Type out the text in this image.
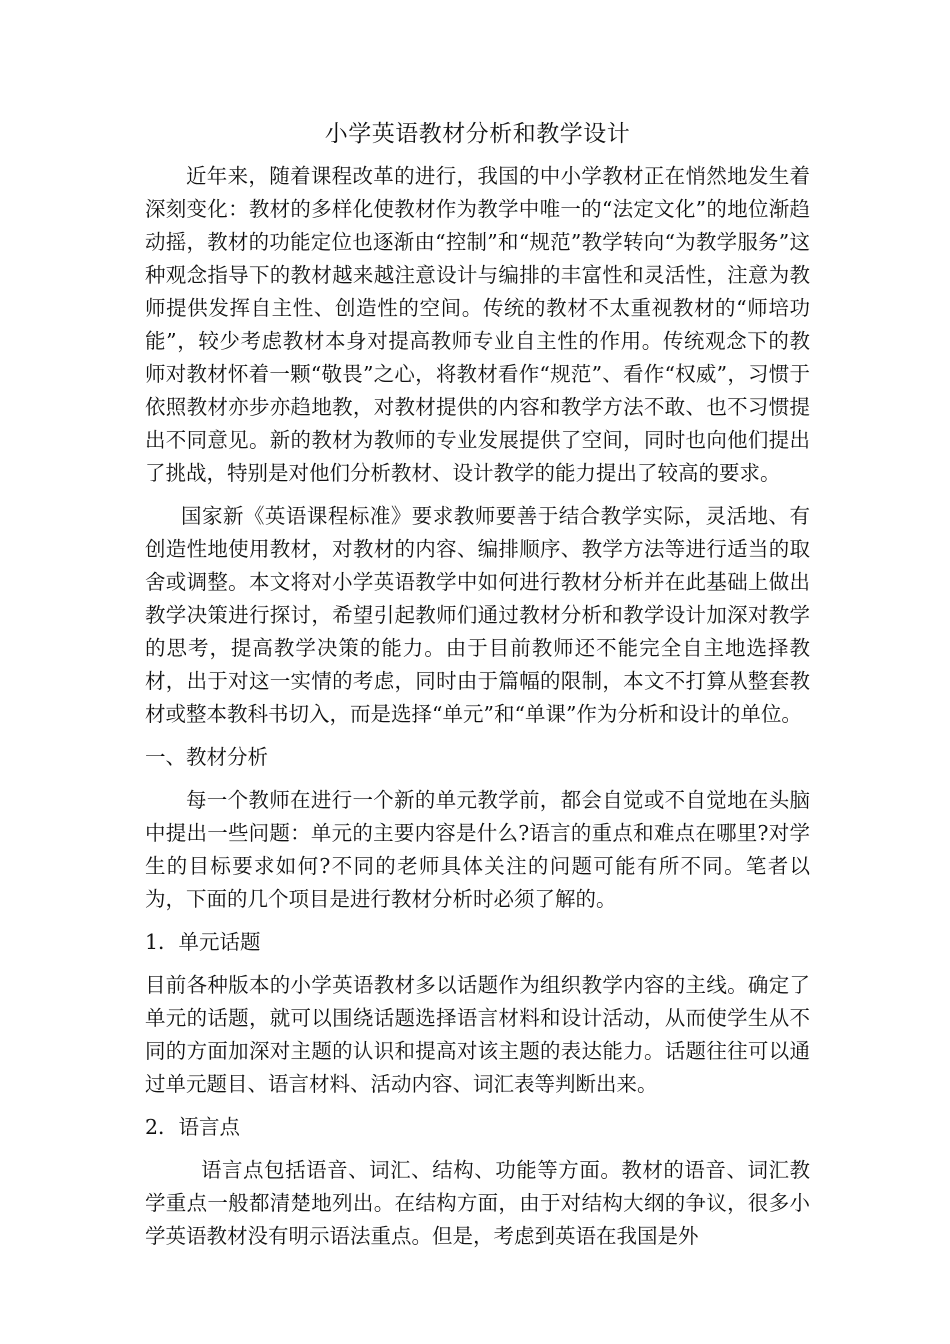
小学英语教材分析和教学设计

近年来，随着课程改革的进行，我国的中小学教材正在悄然地发生着深刻变化：教材的多样化使教材作为教学中唯一的“法定文化”的地位渐趋动摇，教材的功能定位也逐渐由“控制”和“规范”教学转向“为教学服务”这种观念指导下的教材越来越注意设计与编排的丰富性和灵活性，注意为教师提供发挥自主性、创造性的空间。传统的教材不太重视教材的“师培功能”，较少考虑教材本身对提高教师专业自主性的作用。传统观念下的教师对教材怀着一颗“敬畏”之心，将教材看作“规范”、看作“权威”，习惯于依照教材亦步亦趋地教，对教材提供的内容和教学方法不敢、也不习惯提出不同意见。新的教材为教师的专业发展提供了空间，同时也向他们提出了挑战，特别是对他们分析教材、设计教学的能力提出了较高的要求。

国家新《英语课程标准》要求教师要善于结合教学实际，灵活地、有创造性地使用教材，对教材的内容、编排顺序、教学方法等进行适当的取舍或调整。本文将对小学英语教学中如何进行教材分析并在此基础上做出教学决策进行探讨，希望引起教师们通过教材分析和教学设计加深对教学的思考，提高教学决策的能力。由于目前教师还不能完全自主地选择教材，出于对这一实情的考虑，同时由于篇幅的限制，本文不打算从整套教材或整本教科书切入，而是选择“单元”和“单课”作为分析和设计的单位。

一、教材分析

每一个教师在进行一个新的单元教学前，都会自觉或不自觉地在头脑中提出一些问题：单元的主要内容是什么?语言的重点和难点在哪里?对学生的目标要求如何?不同的老师具体关注的问题可能有所不同。笔者以为，下面的几个项目是进行教材分析时必须了解的。

1．单元话题

目前各种版本的小学英语教材多以话题作为组织教学内容的主线。确定了单元的话题，就可以围绕话题选择语言材料和设计活动，从而使学生从不同的方面加深对主题的认识和提高对该主题的表达能力。话题往往可以通过单元题目、语言材料、活动内容、词汇表等判断出来。

2．语言点

语言点包括语音、词汇、结构、功能等方面。教材的语音、词汇教学重点一般都清楚地列出。在结构方面，由于对结构大纲的争议，很多小学英语教材没有明示语法重点。但是，考虑到英语在我国是外
